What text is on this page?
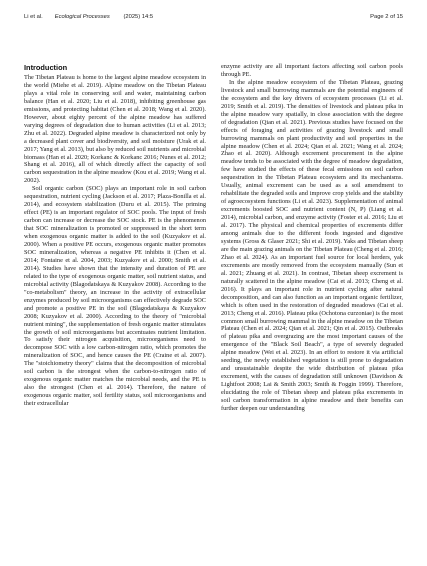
Li et al. Ecological Processes (2025) 14:5	Page 2 of 15
Introduction

The Tibetan Plateau is home to the largest alpine meadow ecosystem in the world (Miehe et al. 2019). Alpine meadow on the Tibetan Plateau plays a vital role in conserving soil and water, maintaining carbon balance (Han et al. 2020; Liu et al. 2018), inhibiting greenhouse gas emissions, and protecting habitat (Chen et al. 2018; Wang et al. 2020). However, about eighty percent of the alpine meadow has suffered varying degrees of degradation due to human activities (Li et al. 2013; Zhu et al. 2022). Degraded alpine meadow is characterized not only by a decreased plant cover and biodiversity, and soil moisture (Urak et al. 2017; Yang et al. 2013), but also by reduced soil nutrients and microbial biomass (Han et al. 2020; Korkanc & Korkanc 2016; Nunes et al. 2012; Shang et al. 2016), all of which directly affect the capacity of soil carbon sequestration in the alpine meadow (Kou et al. 2019; Wang et al. 2002).

Soil organic carbon (SOC) plays an important role in soil carbon sequestration, nutrient cycling (Jackson et al. 2017; Plaza-Bonilla et al. 2014), and ecosystem stabilization (Duru et al. 2015). The priming effect (PE) is an important regulator of SOC pools. The input of fresh carbon can increase or decrease the SOC stock. PE is the phenomenon that SOC mineralization is promoted or suppressed in the short term when exogenous organic matter is added to the soil (Kuzyakov et al. 2000). When a positive PE occurs, exogenous organic matter promotes SOC mineralization, whereas a negative PE inhibits it (Chen et al. 2014; Fontaine et al. 2004, 2003; Kuzyakov et al. 2000; Smith et al. 2014). Studies have shown that the intensity and duration of PE are related to the type of exogenous organic matter, soil nutrient status, and microbial activity (Blagodatskaya & Kuzyakov 2008). According to the "co-metabolism" theory, an increase in the activity of extracellular enzymes produced by soil microorganisms can effectively degrade SOC and promote a positive PE in the soil (Blagodatskaya & Kuzyakov 2008; Kuzyakov et al. 2000). According to the theory of "microbial nutrient mining", the supplementation of fresh organic matter stimulates the growth of soil microorganisms but accentuates nutrient limitation. To satisfy their nitrogen acquisition, microorganisms need to decompose SOC with a low carbon-nitrogen ratio, which promotes the mineralization of SOC, and hence causes the PE (Craine et al. 2007). The "stoichiometry theory" claims that the decomposition of microbial soil carbon is the strongest when the carbon-to-nitrogen ratio of exogenous organic matter matches the microbial needs, and the PE is also the strongest (Chen et al. 2014). Therefore, the nature of exogenous organic matter, soil fertility status, soil microorganisms and their extracellular

enzyme activity are all important factors affecting soil carbon pools through PE.

In the alpine meadow ecosystem of the Tibetan Plateau, grazing livestock and small burrowing mammals are the potential engineers of the ecosystem and the key drivers of ecosystem processes (Li et al. 2019; Smith et al. 2019). The densities of livestock and plateau pika in the alpine meadow vary spatially, in close association with the degree of degradation (Qian et al. 2021). Previous studies have focused on the effects of foraging and activities of grazing livestock and small burrowing mammals on plant productivity and soil properties in the alpine meadow (Chen et al. 2024; Qian et al. 2021; Wang et al. 2024; Zhao et al. 2020). Although excrement procurement in the alpine meadow tends to be associated with the degree of meadow degradation, few have studied the effects of these fecal emissions on soil carbon sequestration in the Tibetan Plateau ecosystem and its mechanisms. Usually, animal excrement can be used as a soil amendment to rehabilitate the degraded soils and improve crop yields and the stability of agroecosystem functions (Li et al. 2023). Supplementation of animal excrements boosted SOC and nutrient content (N, P) (Liang et al. 2014), microbial carbon, and enzyme activity (Foster et al. 2016; Liu et al. 2017). The physical and chemical properties of excrements differ among animals due to the different foods ingested and digestive systems (Gross & Glaser 2021; Shi et al. 2019). Yaks and Tibetan sheep are the main grazing animals on the Tibetan Plateau (Cheng et al. 2016; Zhao et al. 2024). As an important fuel source for local herders, yak excrements are mostly removed from the ecosystem manually (Sun et al. 2021; Zhuang et al. 2021). In contrast, Tibetan sheep excrement is naturally scattered in the alpine meadow (Cai et al. 2013; Cheng et al. 2016). It plays an important role in nutrient cycling after natural decomposition, and can also function as an important organic fertilizer, which is often used in the restoration of degraded meadows (Cai et al. 2013; Cheng et al. 2016). Plateau pika (Ochotona curzoniae) is the most common small burrowing mammal in the alpine meadow on the Tibetan Plateau (Chen et al. 2024; Qian et al. 2021; Qin et al. 2015). Outbreaks of plateau pika and overgrazing are the most important causes of the emergence of the "Black Soil Beach", a type of severely degraded alpine meadow (Wei et al. 2023). In an effort to restore it via artificial seeding, the newly established vegetation is still prone to degradation and unsustainable despite the wide distribution of plateau pika excrement, with the causes of degradation still unknown (Davidson & Lightfoot 2008; Lai & Smith 2003; Smith & Foggin 1999). Therefore, elucidating the role of Tibetan sheep and plateau pika excrements in soil carbon transformation in alpine meadow and their benefits can further deepen our understanding
